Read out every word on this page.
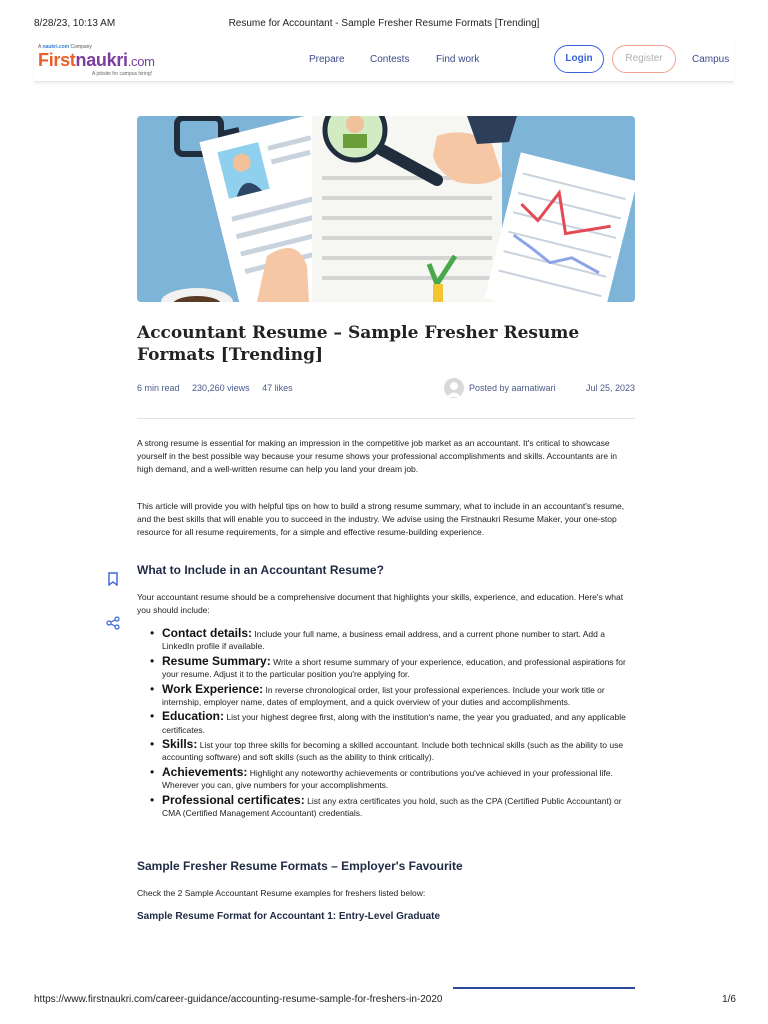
8/28/23, 10:13 AM	Resume for Accountant - Sample Fresher Resume Formats [Trending]
A naukri.com Company
Firstnaukri.com
A jobsite for campus hiring!
Prepare	Contests	Find work	Login	Register	Campus
Accountant Resume – Sample Fresher Resume Formats [Trending]
6 min read 230,260 views 47 likes	Posted by aarnatiwari	Jul 25, 2023

A strong resume is essential for making an impression in the competitive job market as an accountant. It's critical to showcase yourself in the best possible way because your resume shows your professional accomplishments and skills. Accountants are in high demand, and a well-written resume can help you land your dream job.

This article will provide you with helpful tips on how to build a strong resume summary, what to include in an accountant's resume, and the best skills that will enable you to succeed in the industry. We advise using the Firstnaukri Resume Maker, your one-stop resource for all resume requirements, for a simple and effective resume-building experience.

What to Include in an Accountant Resume?

Your accountant resume should be a comprehensive document that highlights your skills, experience, and education. Here's what you should include:

• Contact details: Include your full name, a business email address, and a current phone number to start. Add a LinkedIn profile if available.
• Resume Summary: Write a short resume summary of your experience, education, and professional aspirations for your resume. Adjust it to the particular position you're applying for.
• Work Experience: In reverse chronological order, list your professional experiences. Include your work title or internship, employer name, dates of employment, and a quick overview of your duties and accomplishments.
• Education: List your highest degree first, along with the institution's name, the year you graduated, and any applicable certificates.
• Skills: List your top three skills for becoming a skilled accountant. Include both technical skills (such as the ability to use accounting software) and soft skills (such as the ability to think critically).
• Achievements: Highlight any noteworthy achievements or contributions you've achieved in your professional life. Wherever you can, give numbers for your accomplishments.
• Professional certificates: List any extra certificates you hold, such as the CPA (Certified Public Accountant) or CMA (Certified Management Accountant) credentials.
Sample Fresher Resume Formats – Employer's Favourite

Check the 2 Sample Accountant Resume examples for freshers listed below:

Sample Resume Format for Accountant 1: Entry-Level Graduate
https://www.firstnaukri.com/career-guidance/accounting-resume-sample-for-freshers-in-2020	1/6
